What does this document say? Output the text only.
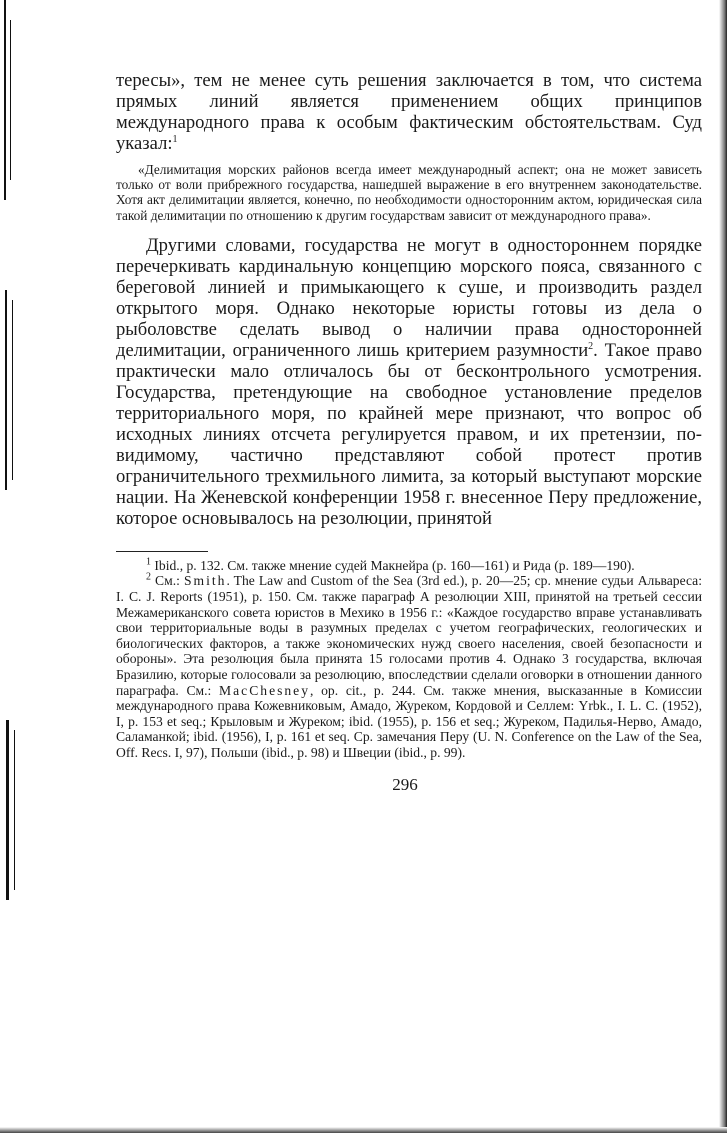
тересы», тем не менее суть решения заключается в том, что система прямых линий является применением общих принципов международного права к особым фактическим обстоятельствам. Суд указал:$^1$

«Делимитация морских районов всегда имеет международный аспект; она не может зависеть только от воли прибрежного государства, нашедшей выражение в его внутреннем законодательстве. Хотя акт делимитации является, конечно, по необходимости односторонним актом, юридическая сила такой делимитации по отношению к другим государствам зависит от международного права».

Другими словами, государства не могут в одностороннем порядке перечеркивать кардинальную концепцию морского пояса, связанного с береговой линией и примыкающего к суше, и производить раздел открытого моря. Однако некоторые юристы готовы из дела о рыболовстве сделать вывод о наличии права односторонней делимитации, ограниченного лишь критерием разумности$^2$. Такое право практически мало отличалось бы от бесконтрольного усмотрения. Государства, претендующие на свободное установление пределов территориального моря, по крайней мере признают, что вопрос об исходных линиях отсчета регулируется правом, и их претензии, по-видимому, частично представляют собой протест против ограничительного трехмильного лимита, за который выступают морские нации. На Женевской конференции 1958 г. внесенное Перу предложение, которое основывалось на резолюции, принятой

$^1$ Ibid., p. 132. См. также мнение судей Макнейра (p. 160—161) и Рида (p. 189—190).

$^2$ См.: Smith. The Law and Custom of the Sea (3rd ed.), p. 20—25; ср. мнение судьи Альвареса: I. C. J. Reports (1951), p. 150. См. также параграф А резолюции XIII, принятой на третьей сессии Межамериканского совета юристов в Мехико в 1956 г.: «Каждое государство вправе устанавливать свои территориальные воды в разумных пределах с учетом географических, геологических и биологических факторов, а также экономических нужд своего населения, своей безопасности и обороны». Эта резолюция была принята 15 голосами против 4. Однако 3 государства, включая Бразилию, которые голосовали за резолюцию, впоследствии сделали оговорки в отношении данного параграфа. См.: MacChesney, op. cit., p. 244. См. также мнения, высказанные в Комиссии международного права Кожевниковым, Амадо, Журеком, Кордовой и Селлем: Yrbk., I. L. C. (1952), I, p. 153 et seq.; Крыловым и Журеком; ibid. (1955), p. 156 et seq.; Журеком, Падилья-Нерво, Амадо, Саламанкой; ibid. (1956), I, p. 161 et seq. Ср. замечания Перу (U. N. Conference on the Law of the Sea, Off. Recs. I, 97), Польши (ibid., p. 98) и Швеции (ibid., p. 99).

296
